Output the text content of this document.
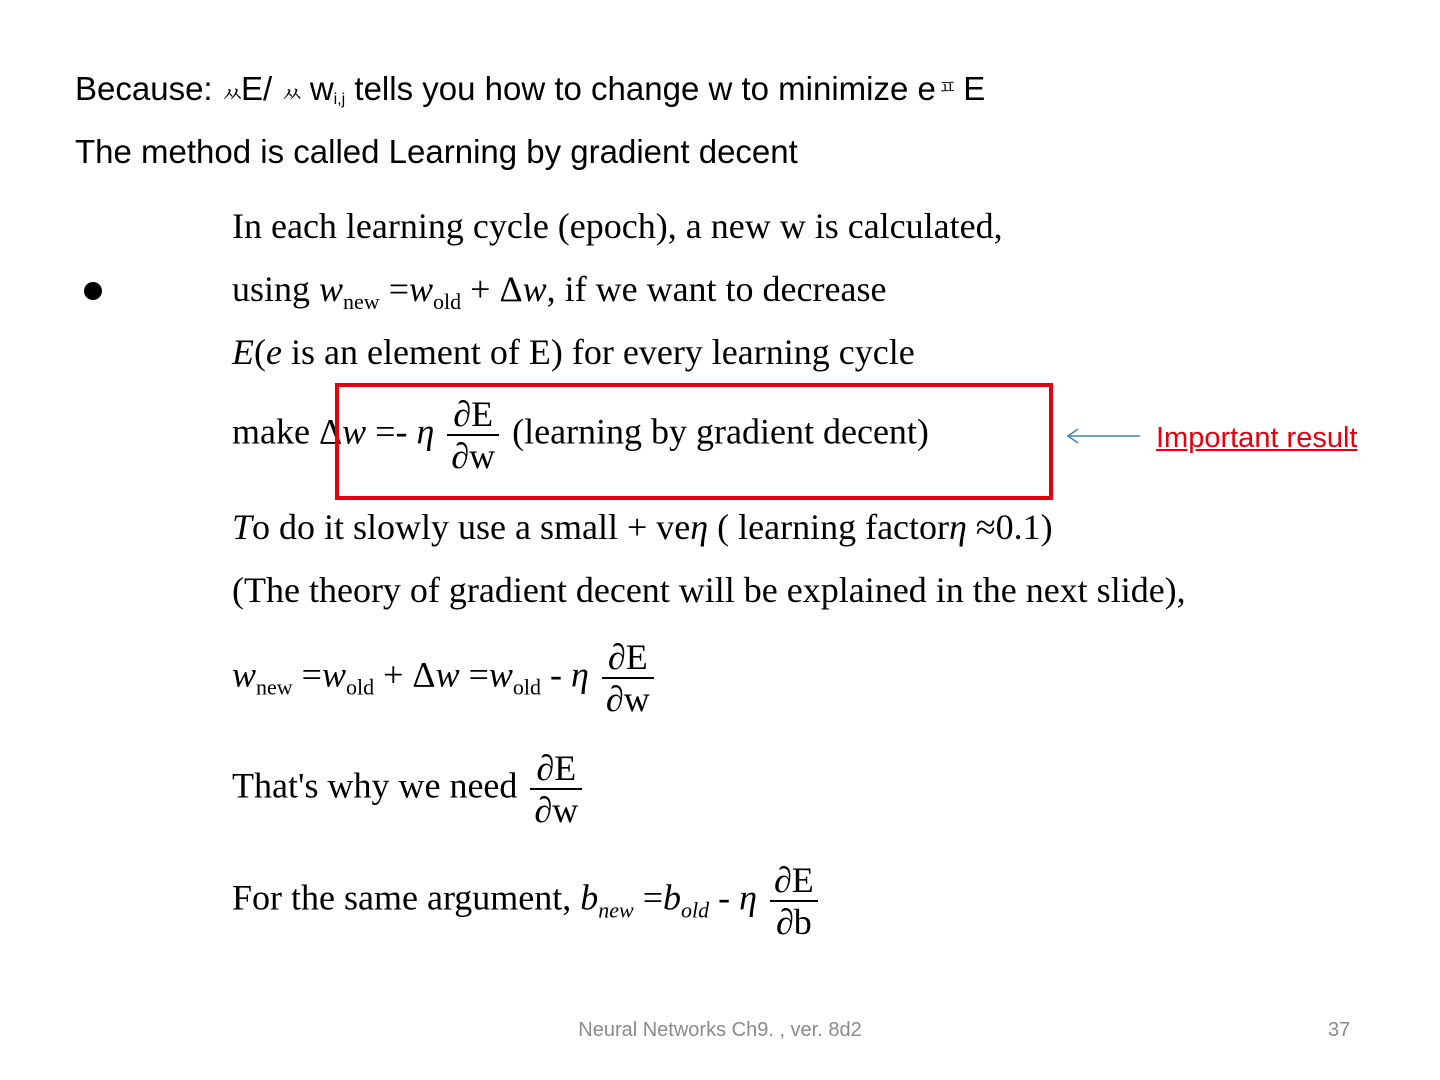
Because: ㅆE/ ㅆ $w_{i,j}$ tells you how to change w to minimize e ㅍ E
The method is called Learning by gradient decent
In each learning cycle (epoch), a new w is calculated,
using $w_{new} =w_{old} + \Delta w$, if we want to decrease
E(e is an element of E) for every learning cycle
make Δw =- η $\frac{\partial E}{\partial w}$ (learning by gradient decent)	Important result
To do it slowly use a small + veη ( learning factorη ≈0.1)
(The theory of gradient decent will be explained in the next slide),
$w_{new} =w_{old} + \Delta w =w_{old} - \eta \frac{\partial E}{\partial w}$
That's why we need $\frac{\partial E}{\partial w}$
For the same argument, $b_{new} =b_{old} - \eta \frac{\partial E}{\partial b}$
Neural Networks Ch9. , ver. 8d2	37
